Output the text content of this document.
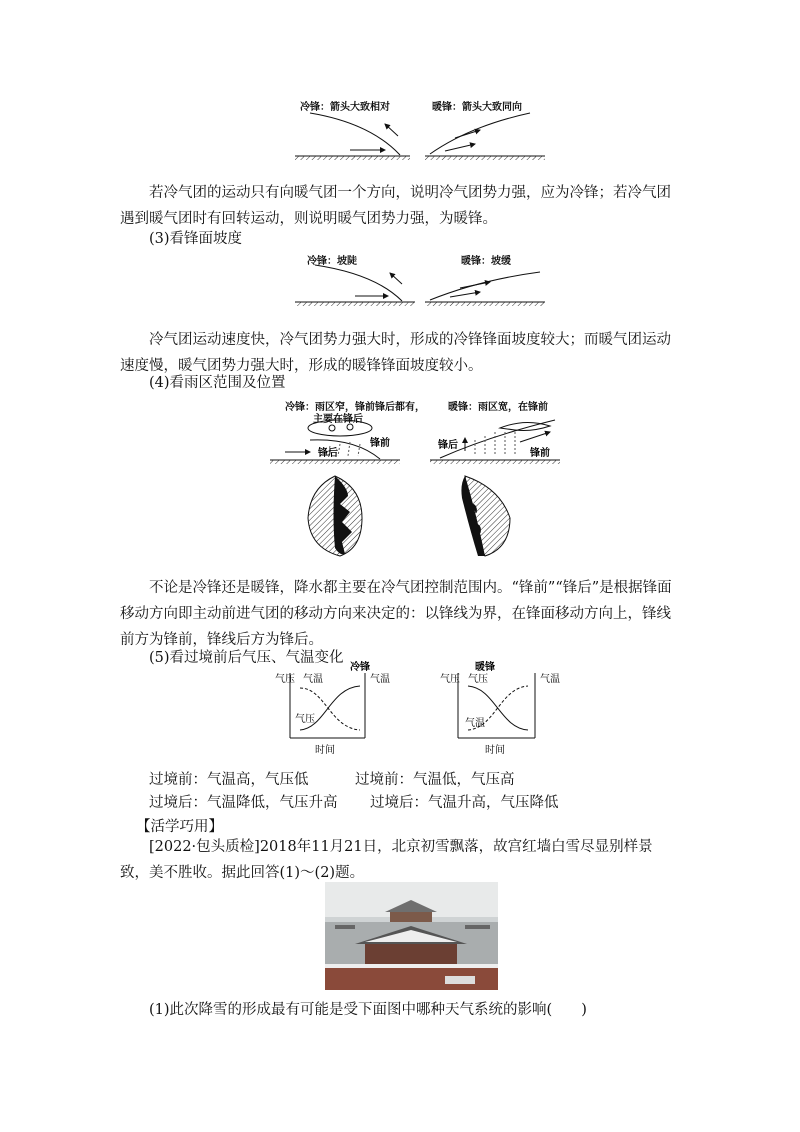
冷锋：箭头大致相对	暖锋：箭头大致同向
若冷气团的运动只有向暖气团一个方向，说明冷气团势力强，应为冷锋；若冷气团遇到暖气团时有回转运动，则说明暖气团势力强，为暖锋。
(3)看锋面坡度
冷锋：坡陡	暖锋：坡缓
冷气团运动速度快，冷气团势力强大时，形成的冷锋锋面坡度较大；而暖气团运动速度慢，暖气团势力强大时，形成的暖锋锋面坡度较小。
(4)看雨区范围及位置
冷锋：雨区窄，锋前锋后都有，
主要在锋后
暖锋：雨区宽，在锋前
锋后
锋前	锋后
锋前
不论是冷锋还是暖锋，降水都主要在冷气团控制范围内。“锋前”“锋后”是根据锋面移动方向即主动前进气团的移动方向来决定的：以锋线为界，在锋面移动方向上，锋线前方为锋前，锋线后方为锋后。
(5)看过境前后气压、气温变化
冷锋
气压	气温
气温
气压
时间
暖锋
气压	气温
气压
气温
时间
过境前：气温高，气压低	过境前：气温低，气压高
过境后：气温降低，气压升高 过境后：气温升高，气压降低
【活学巧用】
[2022·包头质检]2018年11月21日，北京初雪飘落，故宫红墙白雪尽显别样景致，美不胜收。据此回答(1)～(2)题。
(1)此次降雪的形成最有可能是受下面图中哪种天气系统的影响(　　)
